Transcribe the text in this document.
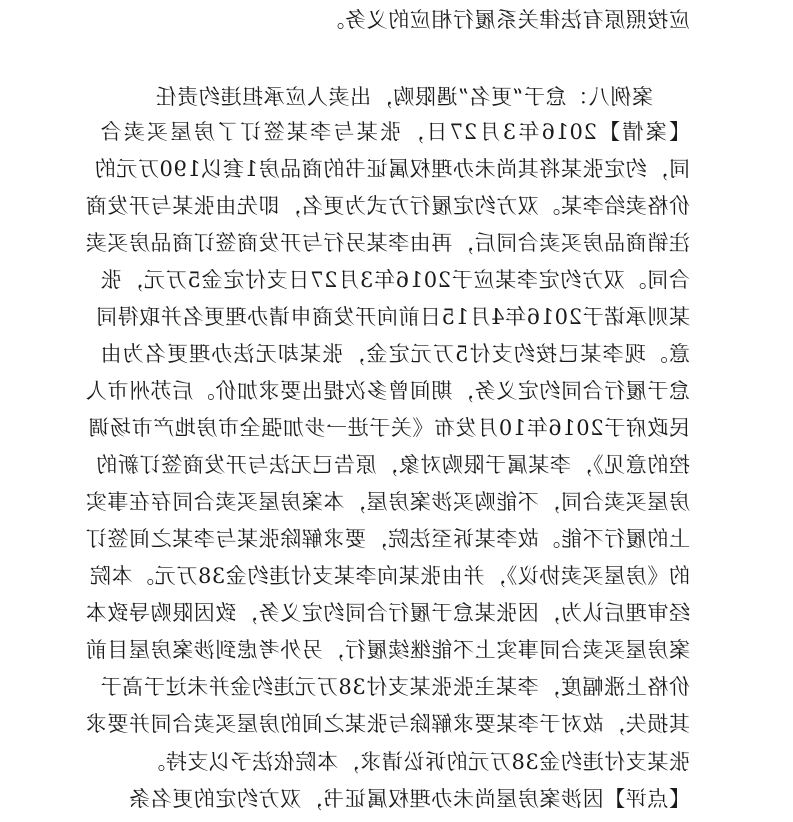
应按照原有法律关系履行相应的义务。
案例八：怠于“更名”遇限购，出卖人应承担违约责任
【案情】2016年3月27日，张某与李某签订了房屋买卖合
同，约定张某将其尚未办理权属证书的商品房1套以190万元的
价格卖给李某。双方约定履行方式为更名，即先由张某与开发商
注销商品房买卖合同后，再由李某另行与开发商签订商品房买卖
合同。双方约定李某应于2016年3月27日支付定金5万元，张
某则承诺于2016年4月15日前向开发商申请办理更名并取得同
意。现李某已按约支付5万元定金，张某却无法办理更名为由
怠于履行合同约定义务，期间曾多次提出要求加价。后苏州市人
民政府于2016年10月发布《关于进一步加强全市房地产市场调
控的意见》，李某属于限购对象，原告已无法与开发商签订新的
房屋买卖合同，不能购买涉案房屋，本案房屋买卖合同存在事实
上的履行不能。故李某诉至法院，要求解除张某与李某之间签订
的《房屋买卖协议》，并由张某向李某支付违约金38万元。本院
经审理后认为，因张某怠于履行合同约定义务，致因限购导致本
案房屋买卖合同事实上不能继续履行，另外考虑到涉案房屋目前
价格上涨幅度，李某主张张某支付38万元违约金并未过于高于
其损失，故对于李某要求解除与张某之间的房屋买卖合同并要求
张某支付违约金38万元的诉讼请求，本院依法予以支持。
【点评】因涉案房屋尚未办理权属证书，双方约定的更名条
